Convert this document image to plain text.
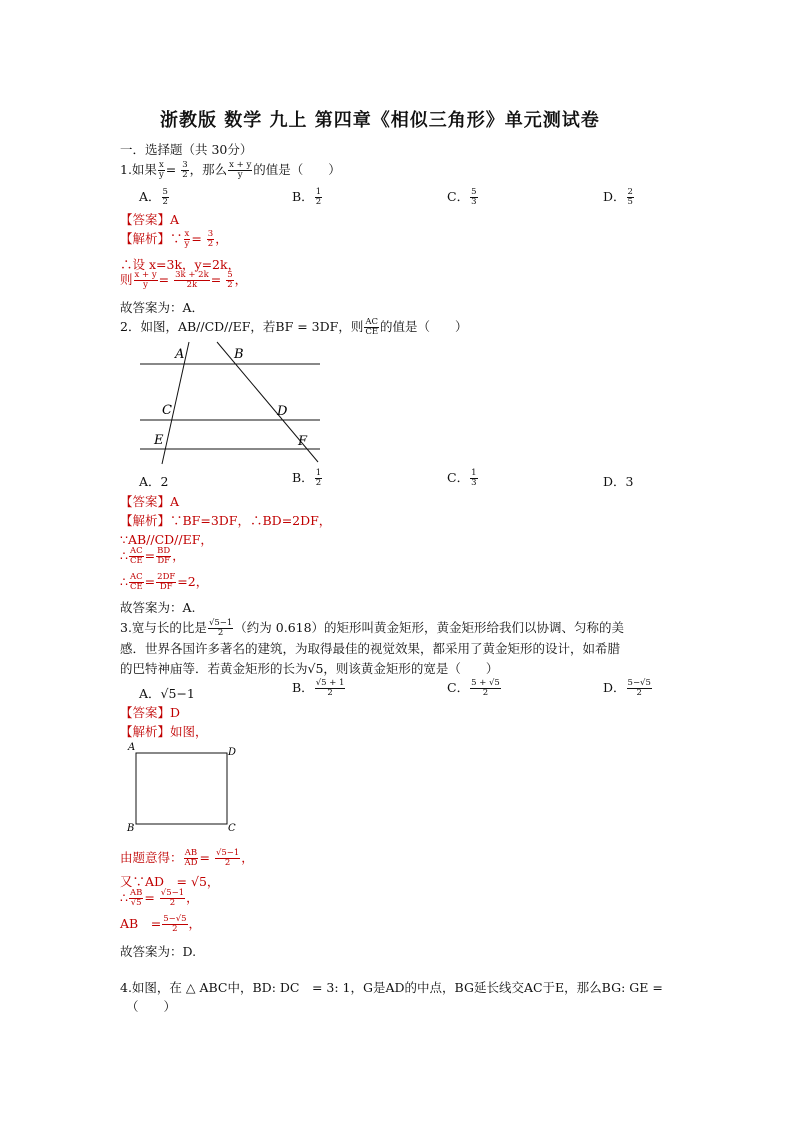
浙教版 数学 九上 第四章《相似三角形》单元测试卷
一．选择题（共 30分）
1.如果 $\frac{x}{y} = \frac{3}{2}$ ，那么 $\frac{x + y}{y}$ 的值是（　　）
A． $\frac{5}{2}$	B． $\frac{1}{2}$	C． $\frac{5}{3}$	D． $\frac{2}{5}$
【答案】A
【解析】∵ $\frac{x}{y} = \frac{3}{2}$ ，
∴设 x=3k，y=2k，
则 $\frac{x + y}{y} = \frac{3k + 2k}{2k} = \frac{5}{2}$ ，
故答案为：A．
2．如图，AB//CD//EF，若BF = 3DF，则 $\frac{AC}{CE}$ 的值是（　　）
A	B
C	D
E	F
A．2	B． $\frac{1}{2}$	C． $\frac{1}{3}$	D．3
【答案】A
【解析】∵BF=3DF，∴BD=2DF，
∵AB//CD//EF，
∴ $\frac{AC}{CE} = \frac{BD}{DF}$ ，
∴ $\frac{AC}{CE} = \frac{2DF}{DF} =2$，
故答案为：A.
3.宽与长的比是 $\frac{√5-1}{2}$ （约为 0.618）的矩形叫黄金矩形，黄金矩形给我们以协调、匀称的美
感．世界各国许多著名的建筑，为取得最佳的视觉效果，都采用了黄金矩形的设计，如希腊
的巴特神庙等．若黄金矩形的长为√5，则该黄金矩形的宽是（　　）
A．√5−1	B． $\frac{√5 + 1}{2}$	C． $\frac{5 + √5}{2}$	D． $\frac{5-√5}{2}$
【答案】D
【解析】如图，
A	D
B	C
由题意得： $\frac{AB}{AD} = \frac{√5-1}{2}$ ，
又∵AD　= √5，
∴ $\frac{AB}{√5} = \frac{√5-1}{2}$ ，
AB　= $\frac{5-√5}{2}$ ，
故答案为：D.
4.如图，在 △ ABC中，BD: DC　= 3: 1，G是AD的中点，BG延长线交AC于E，那么BG: GE =
（　　）
